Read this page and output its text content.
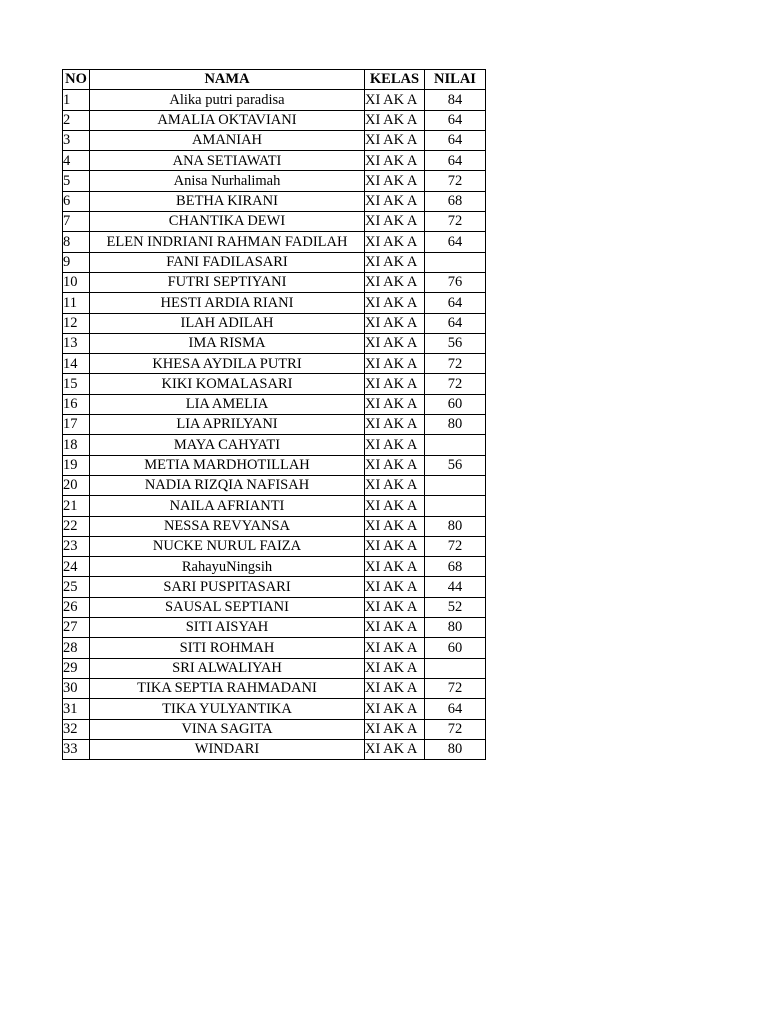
NO	NAMA	KELAS	NILAI
1	Alika putri paradisa	XI AK A	84
2	AMALIA OKTAVIANI	XI AK A	64
3	AMANIAH	XI AK A	64
4	ANA SETIAWATI	XI AK A	64
5	Anisa Nurhalimah	XI AK A	72
6	BETHA KIRANI	XI AK A	68
7	CHANTIKA DEWI	XI AK A	72
8	ELEN INDRIANI RAHMAN FADILAH	XI AK A	64
9	FANI FADILASARI	XI AK A	
10	FUTRI SEPTIYANI	XI AK A	76
11	HESTI ARDIA RIANI	XI AK A	64
12	ILAH ADILAH	XI AK A	64
13	IMA RISMA	XI AK A	56
14	KHESA AYDILA PUTRI	XI AK A	72
15	KIKI KOMALASARI	XI AK A	72
16	LIA AMELIA	XI AK A	60
17	LIA APRILYANI	XI AK A	80
18	MAYA CAHYATI	XI AK A	
19	METIA MARDHOTILLAH	XI AK A	56
20	NADIA RIZQIA NAFISAH	XI AK A	
21	NAILA AFRIANTI	XI AK A	
22	NESSA REVYANSA	XI AK A	80
23	NUCKE NURUL FAIZA	XI AK A	72
24	RahayuNingsih	XI AK A	68
25	SARI PUSPITASARI	XI AK A	44
26	SAUSAL SEPTIANI	XI AK A	52
27	SITI AISYAH	XI AK A	80
28	SITI ROHMAH	XI AK A	60
29	SRI ALWALIYAH	XI AK A	
30	TIKA SEPTIA RAHMADANI	XI AK A	72
31	TIKA YULYANTIKA	XI AK A	64
32	VINA SAGITA	XI AK A	72
33	WINDARI	XI AK A	80
